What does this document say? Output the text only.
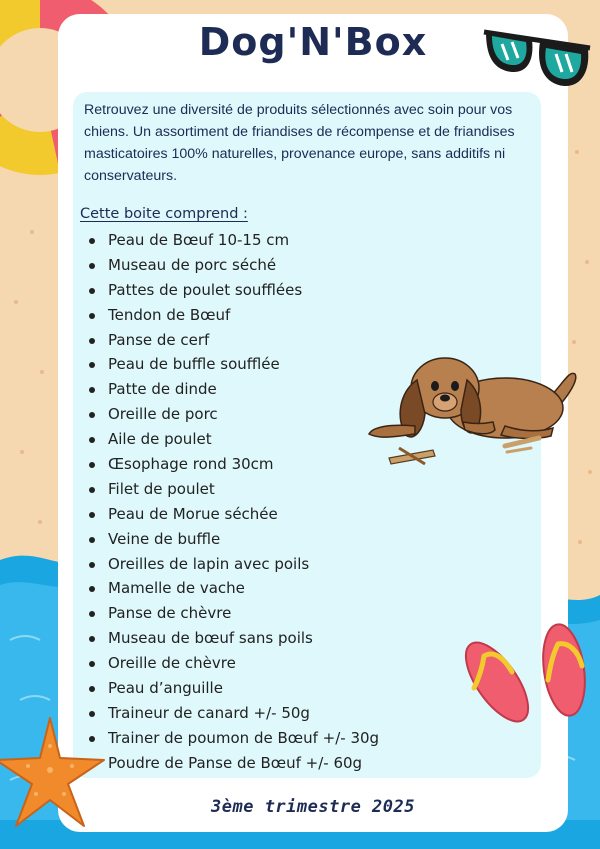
Dog'N'Box
Retrouvez une diversité de produits sélectionnés avec soin pour vos chiens. Un assortiment de friandises de récompense et de friandises masticatoires 100% naturelles, provenance europe, sans additifs ni conservateurs.
Cette boite comprend :
Peau de Bœuf 10-15 cm
Museau de porc séché
Pattes de poulet soufflées
Tendon de Bœuf
Panse de cerf
Peau de buffle soufflée
Patte de dinde
Oreille de porc
Aile de poulet
Œsophage rond 30cm
Filet de poulet
Peau de Morue séchée
Veine de buffle
Oreilles de lapin avec poils
Mamelle de vache
Panse de chèvre
Museau de bœuf sans poils
Oreille de chèvre
Peau d’anguille
Traineur de canard +/- 50g
Trainer de poumon de Bœuf +/- 30g
Poudre de Panse de Bœuf +/- 60g
3ème trimestre 2025
